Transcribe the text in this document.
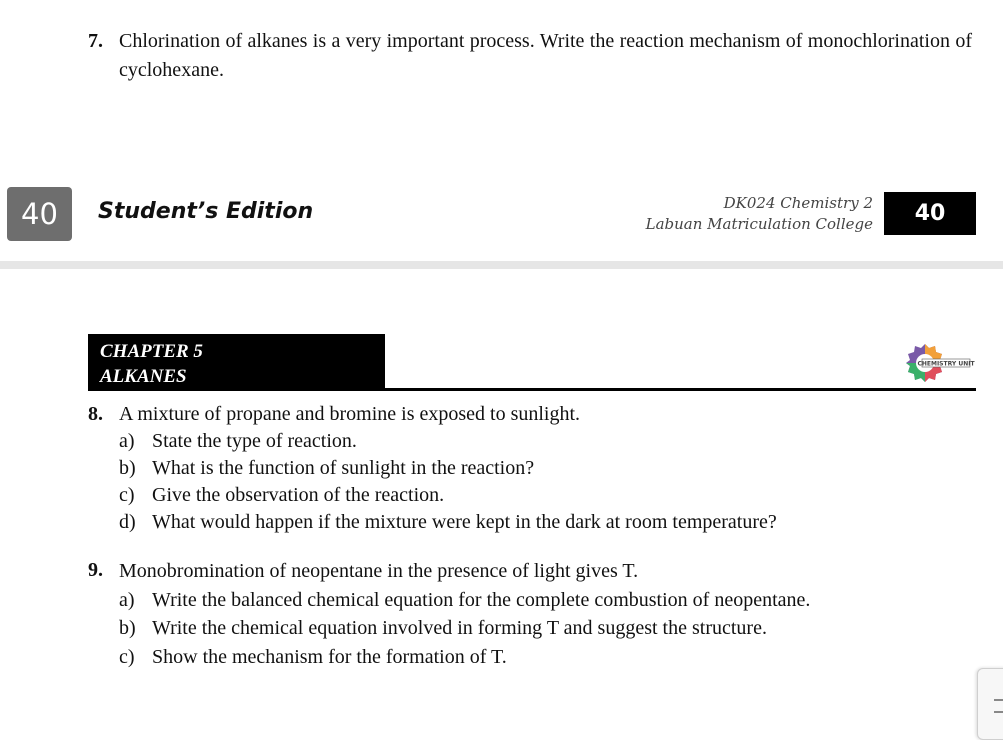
7. Chlorination of alkanes is a very important process. Write the reaction mechanism of monochlorination of cyclohexane.
40	Student’s Edition	DK024 Chemistry 2
Labuan Matriculation College	40
CHAPTER 5
ALKANES
CHEMISTRY UNIT
8. A mixture of propane and bromine is exposed to sunlight.
a) State the type of reaction.
b) What is the function of sunlight in the reaction?
c) Give the observation of the reaction.
d) What would happen if the mixture were kept in the dark at room temperature?
9. Monobromination of neopentane in the presence of light gives T.
a) Write the balanced chemical equation for the complete combustion of neopentane.
b) Write the chemical equation involved in forming T and suggest the structure.
c) Show the mechanism for the formation of T.
